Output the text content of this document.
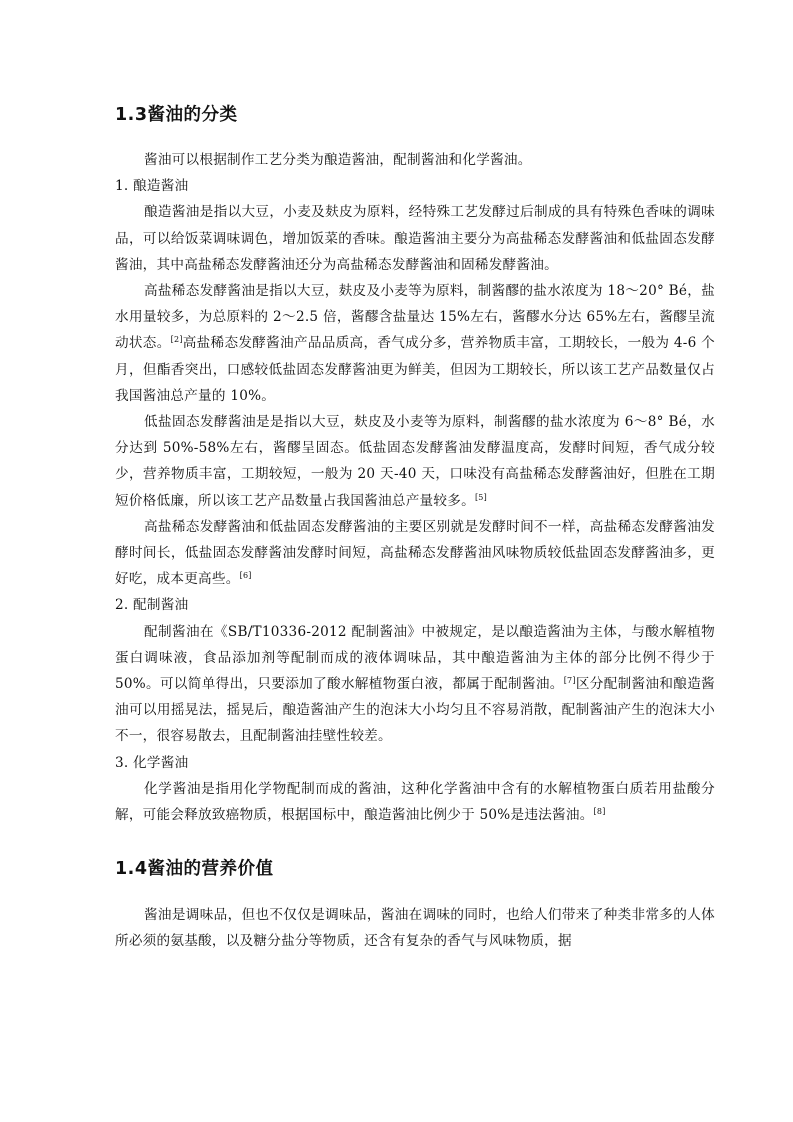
1.3酱油的分类

酱油可以根据制作工艺分类为酿造酱油，配制酱油和化学酱油。

1. 酿造酱油

酿造酱油是指以大豆，小麦及麸皮为原料，经特殊工艺发酵过后制成的具有特殊色香味的调味品，可以给饭菜调味调色，增加饭菜的香味。酿造酱油主要分为高盐稀态发酵酱油和低盐固态发酵酱油，其中高盐稀态发酵酱油还分为高盐稀态发酵酱油和固稀发酵酱油。

高盐稀态发酵酱油是指以大豆，麸皮及小麦等为原料，制酱醪的盐水浓度为 18～20° Bé，盐水用量较多，为总原料的 2～2.5 倍，酱醪含盐量达 15%左右，酱醪水分达 65%左右，酱醪呈流动状态。[2]高盐稀态发酵酱油产品品质高，香气成分多，营养物质丰富，工期较长，一般为 4-6 个月，但酯香突出，口感较低盐固态发酵酱油更为鲜美，但因为工期较长，所以该工艺产品数量仅占我国酱油总产量的 10%。

低盐固态发酵酱油是是指以大豆，麸皮及小麦等为原料，制酱醪的盐水浓度为 6～8° Bé，水分达到 50%-58%左右，酱醪呈固态。低盐固态发酵酱油发酵温度高，发酵时间短，香气成分较少，营养物质丰富，工期较短，一般为 20 天-40 天，口味没有高盐稀态发酵酱油好，但胜在工期短价格低廉，所以该工艺产品数量占我国酱油总产量较多。[5]

高盐稀态发酵酱油和低盐固态发酵酱油的主要区别就是发酵时间不一样，高盐稀态发酵酱油发酵时间长，低盐固态发酵酱油发酵时间短，高盐稀态发酵酱油风味物质较低盐固态发酵酱油多，更好吃，成本更高些。[6]

2. 配制酱油

配制酱油在《SB/T10336-2012 配制酱油》中被规定，是以酿造酱油为主体，与酸水解植物蛋白调味液，食品添加剂等配制而成的液体调味品，其中酿造酱油为主体的部分比例不得少于 50%。可以简单得出，只要添加了酸水解植物蛋白液，都属于配制酱油。[7]区分配制酱油和酿造酱油可以用摇晃法，摇晃后，酿造酱油产生的泡沫大小均匀且不容易消散，配制酱油产生的泡沫大小不一，很容易散去，且配制酱油挂壁性较差。

3. 化学酱油

化学酱油是指用化学物配制而成的酱油，这种化学酱油中含有的水解植物蛋白质若用盐酸分解，可能会释放致癌物质，根据国标中，酿造酱油比例少于 50%是违法酱油。[8]

1.4酱油的营养价值

酱油是调味品，但也不仅仅是调味品，酱油在调味的同时，也给人们带来了种类非常多的人体所必须的氨基酸，以及糖分盐分等物质，还含有复杂的香气与风味物质，据
